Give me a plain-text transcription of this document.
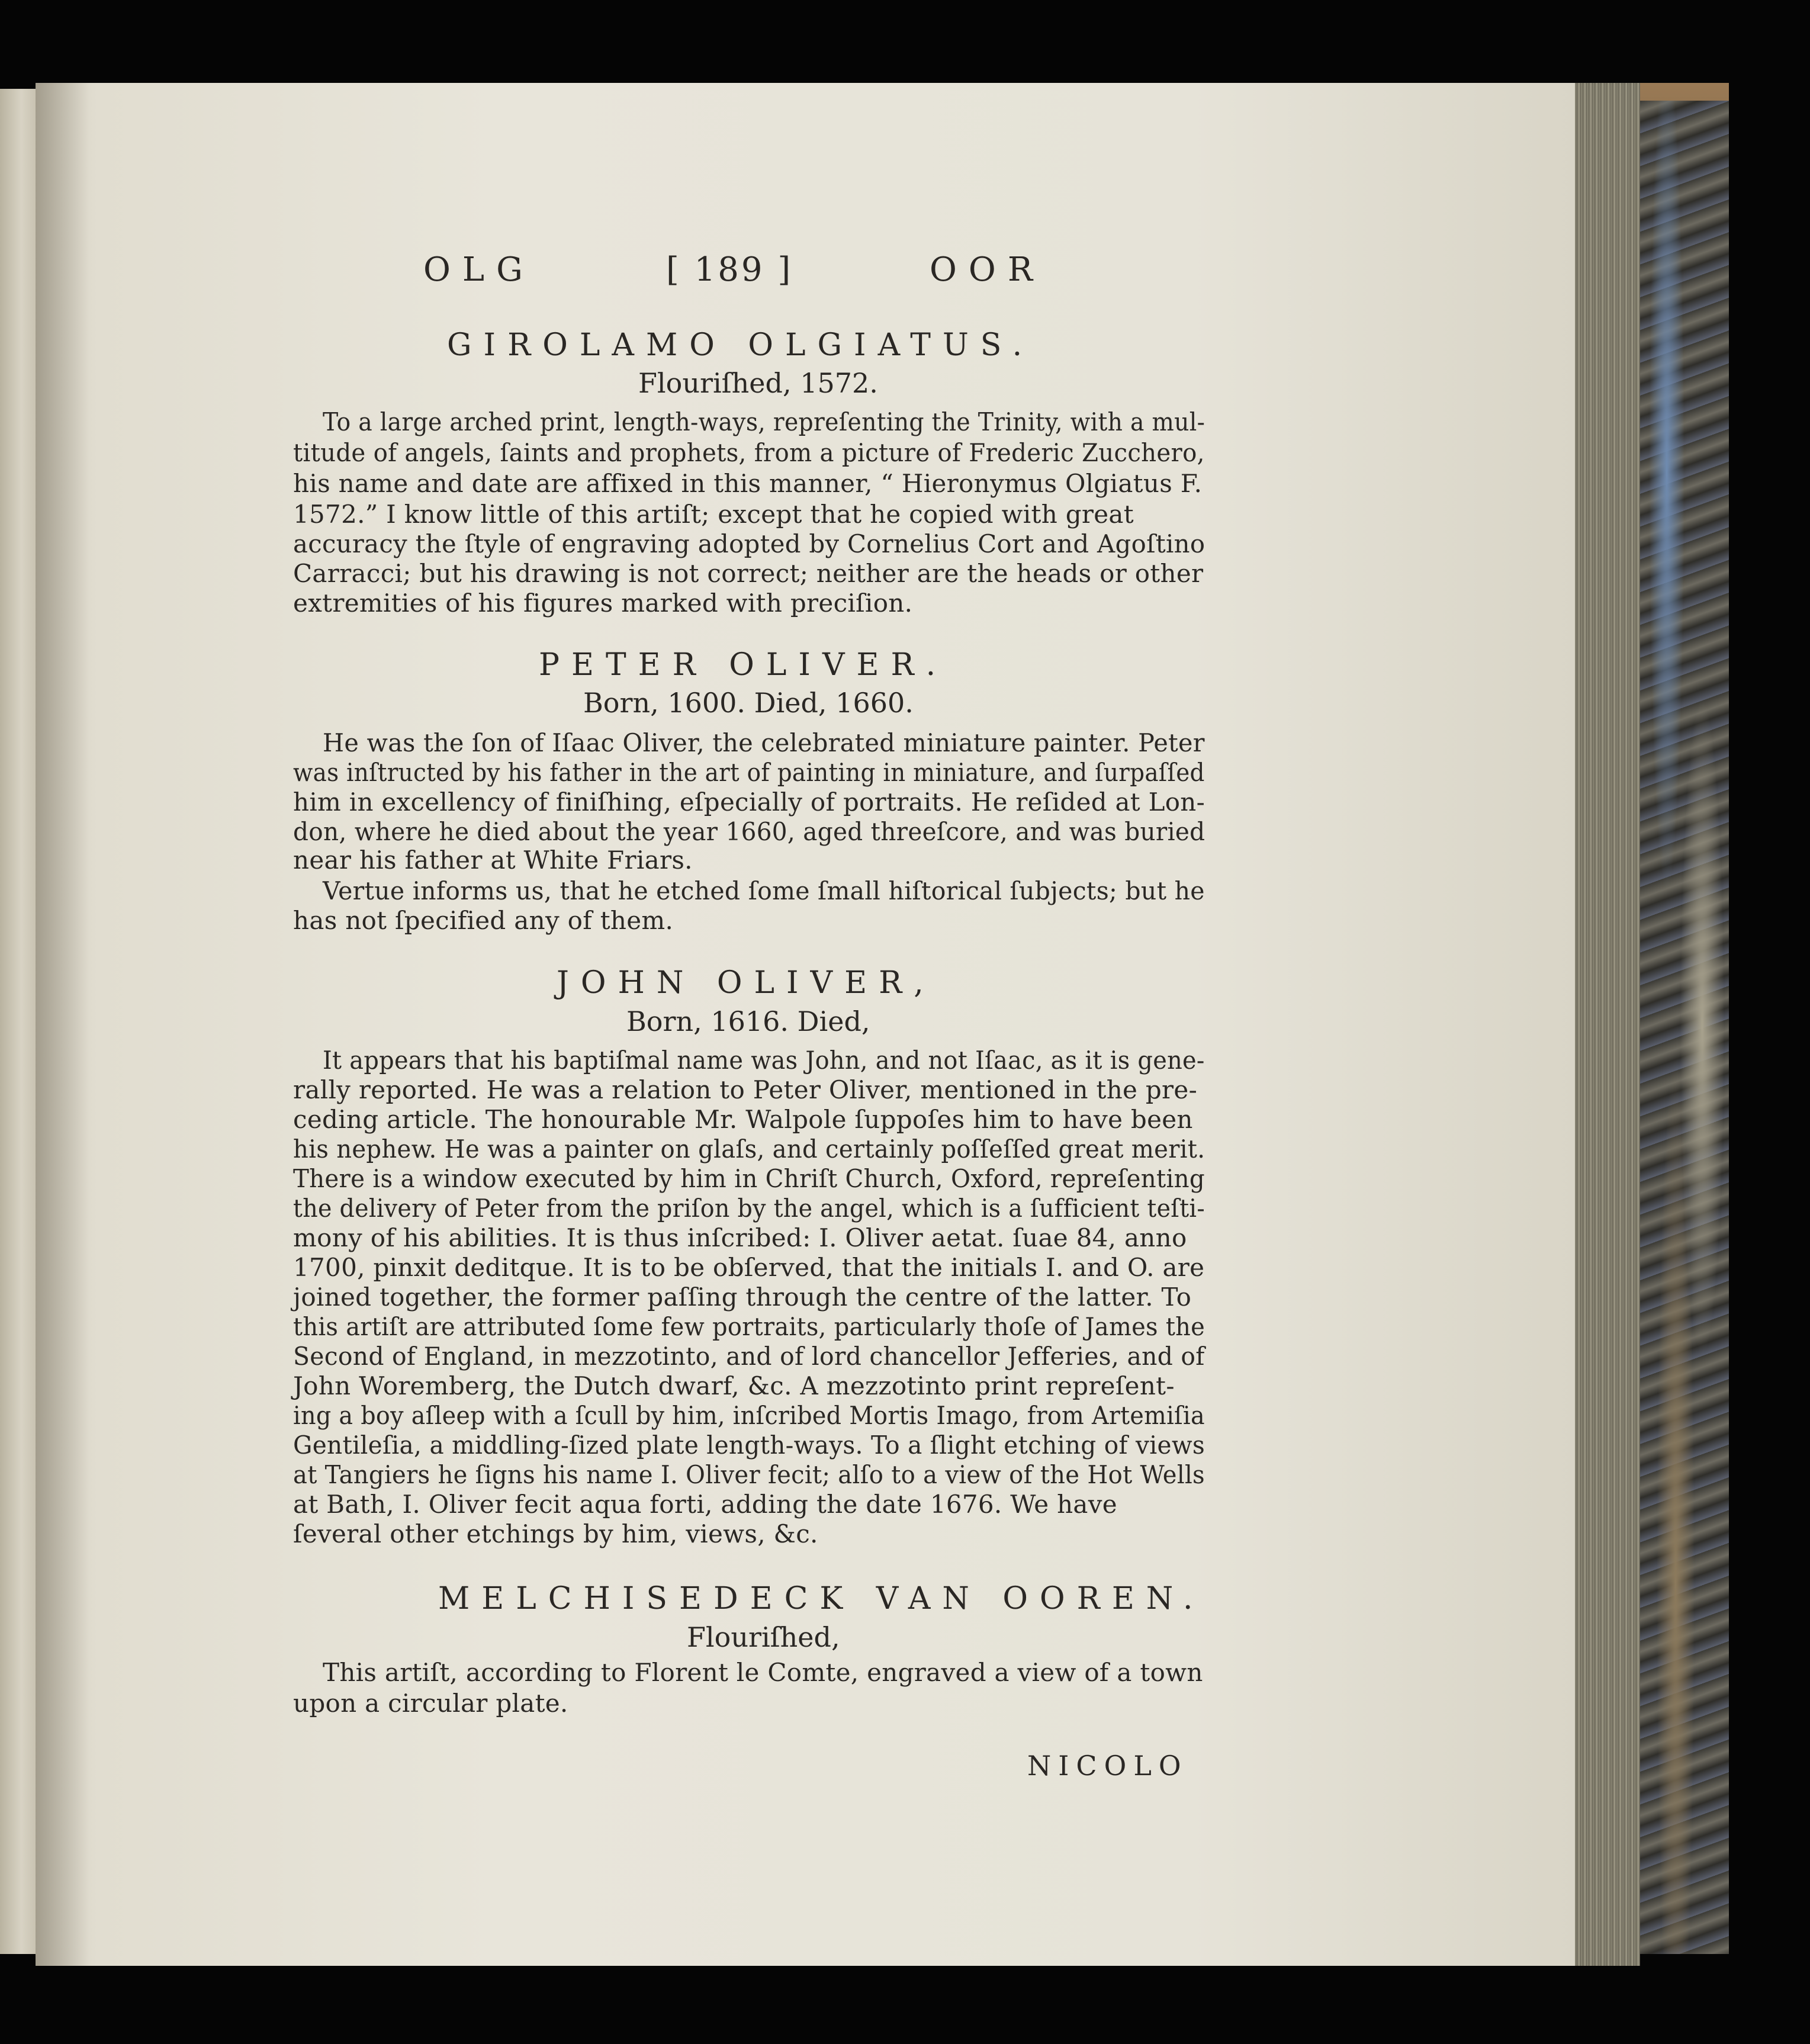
OLG	[ 189 ]	OOR
GIROLAMO OLGIATUS.
Flouriſhed, 1572.
To a large arched print, length-ways, repreſenting the Trinity, with a mul-
titude of angels, ſaints and prophets, from a picture of Frederic Zucchero,
his name and date are affixed in this manner, “ Hieronymus Olgiatus F.
1572.” I know little of this artiſt; except that he copied with great
accuracy the ſtyle of engraving adopted by Cornelius Cort and Agoſtino
Carracci; but his drawing is not correct; neither are the heads or other
extremities of his figures marked with preciſion.
PETER OLIVER.
Born, 1600. Died, 1660.
He was the ſon of Iſaac Oliver, the celebrated miniature painter. Peter
was inſtructed by his father in the art of painting in miniature, and ſurpaſſed
him in excellency of finiſhing, eſpecially of portraits. He reſided at Lon-
don, where he died about the year 1660, aged threeſcore, and was buried
near his father at White Friars.
Vertue informs us, that he etched ſome ſmall hiſtorical ſubjects; but he
has not ſpecified any of them.
JOHN OLIVER,
Born, 1616. Died,
It appears that his baptiſmal name was John, and not Iſaac, as it is gene-
rally reported. He was a relation to Peter Oliver, mentioned in the pre-
ceding article. The honourable Mr. Walpole ſuppoſes him to have been
his nephew. He was a painter on glaſs, and certainly poſſeſſed great merit.
There is a window executed by him in Chriſt Church, Oxford, repreſenting
the delivery of Peter from the priſon by the angel, which is a ſufficient teſti-
mony of his abilities. It is thus inſcribed: I. Oliver aetat. ſuae 84, anno
1700, pinxit deditque. It is to be obſerved, that the initials I. and O. are
joined together, the former paſſing through the centre of the latter. To
this artiſt are attributed ſome few portraits, particularly thoſe of James the
Second of England, in mezzotinto, and of lord chancellor Jefferies, and of
John Woremberg, the Dutch dwarf, &c. A mezzotinto print repreſent-
ing a boy aſleep with a ſcull by him, inſcribed Mortis Imago, from Artemiſia
Gentileſia, a middling-ſized plate length-ways. To a ſlight etching of views
at Tangiers he ſigns his name I. Oliver fecit; alſo to a view of the Hot Wells
at Bath, I. Oliver fecit aqua forti, adding the date 1676. We have
ſeveral other etchings by him, views, &c.
MELCHISEDECK VAN OOREN.
Flouriſhed,
This artiſt, according to Florent le Comte, engraved a view of a town
upon a circular plate.
NICOLO
